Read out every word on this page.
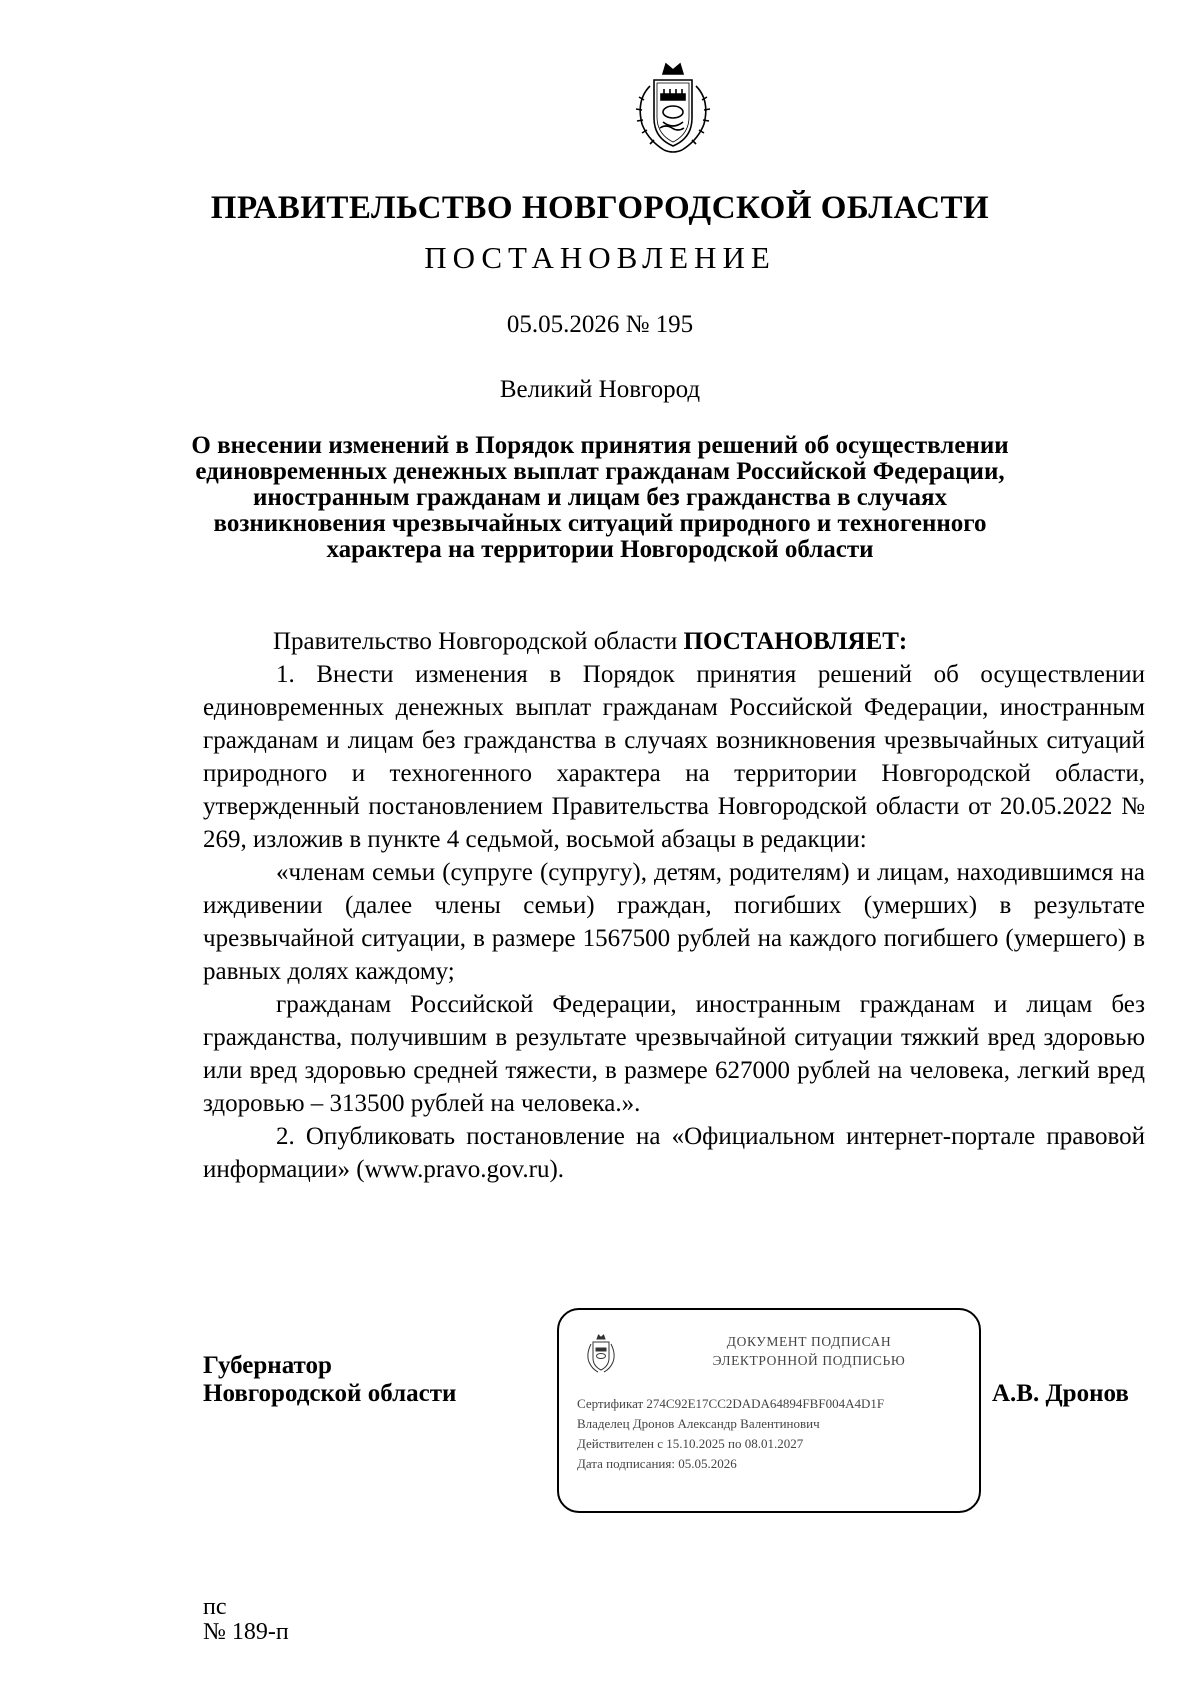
ПРАВИТЕЛЬСТВО НОВГОРОДСКОЙ ОБЛАСТИ
ПОСТАНОВЛЕНИЕ
05.05.2026 № 195
Великий Новгород
О внесении изменений в Порядок принятия решений об осуществлении
единовременных денежных выплат гражданам Российской Федерации,
иностранным гражданам и лицам без гражданства в случаях
возникновения чрезвычайных ситуаций природного и техногенного
характера на территории Новгородской области

Правительство Новгородской области ПОСТАНОВЛЯЕТ:

1. Внести изменения в Порядок принятия решений об осуществлении единовременных денежных выплат гражданам Российской Федерации, иностранным гражданам и лицам без гражданства в случаях возникновения чрезвычайных ситуаций природного и техногенного характера на территории Новгородской области, утвержденный постановлением Правительства Новгородской области от 20.05.2022 № 269, изложив в пункте 4 седьмой, восьмой абзацы в редакции:

«членам семьи (супруге (супругу), детям, родителям) и лицам, находившимся на иждивении (далее члены семьи) граждан, погибших (умерших) в результате чрезвычайной ситуации, в размере 1567500 рублей на каждого погибшего (умершего) в равных долях каждому;

гражданам Российской Федерации, иностранным гражданам и лицам без гражданства, получившим в результате чрезвычайной ситуации тяжкий вред здоровью или вред здоровью средней тяжести, в размере 627000 рублей на человека, легкий вред здоровью – 313500 рублей на человека.».

2. Опубликовать постановление на «Официальном интернет-портале правовой информации» (www.pravo.gov.ru).

Губернатор
Новгородской области
ДОКУМЕНТ ПОДПИСАН
ЭЛЕКТРОННОЙ ПОДПИСЬЮ
Сертификат 274C92E17CC2DADA64894FBF004A4D1F
Владелец Дронов Александр Валентинович
Действителен с 15.10.2025 по 08.01.2027
Дата подписания: 05.05.2026
А.В. Дронов
пс
№ 189-п
